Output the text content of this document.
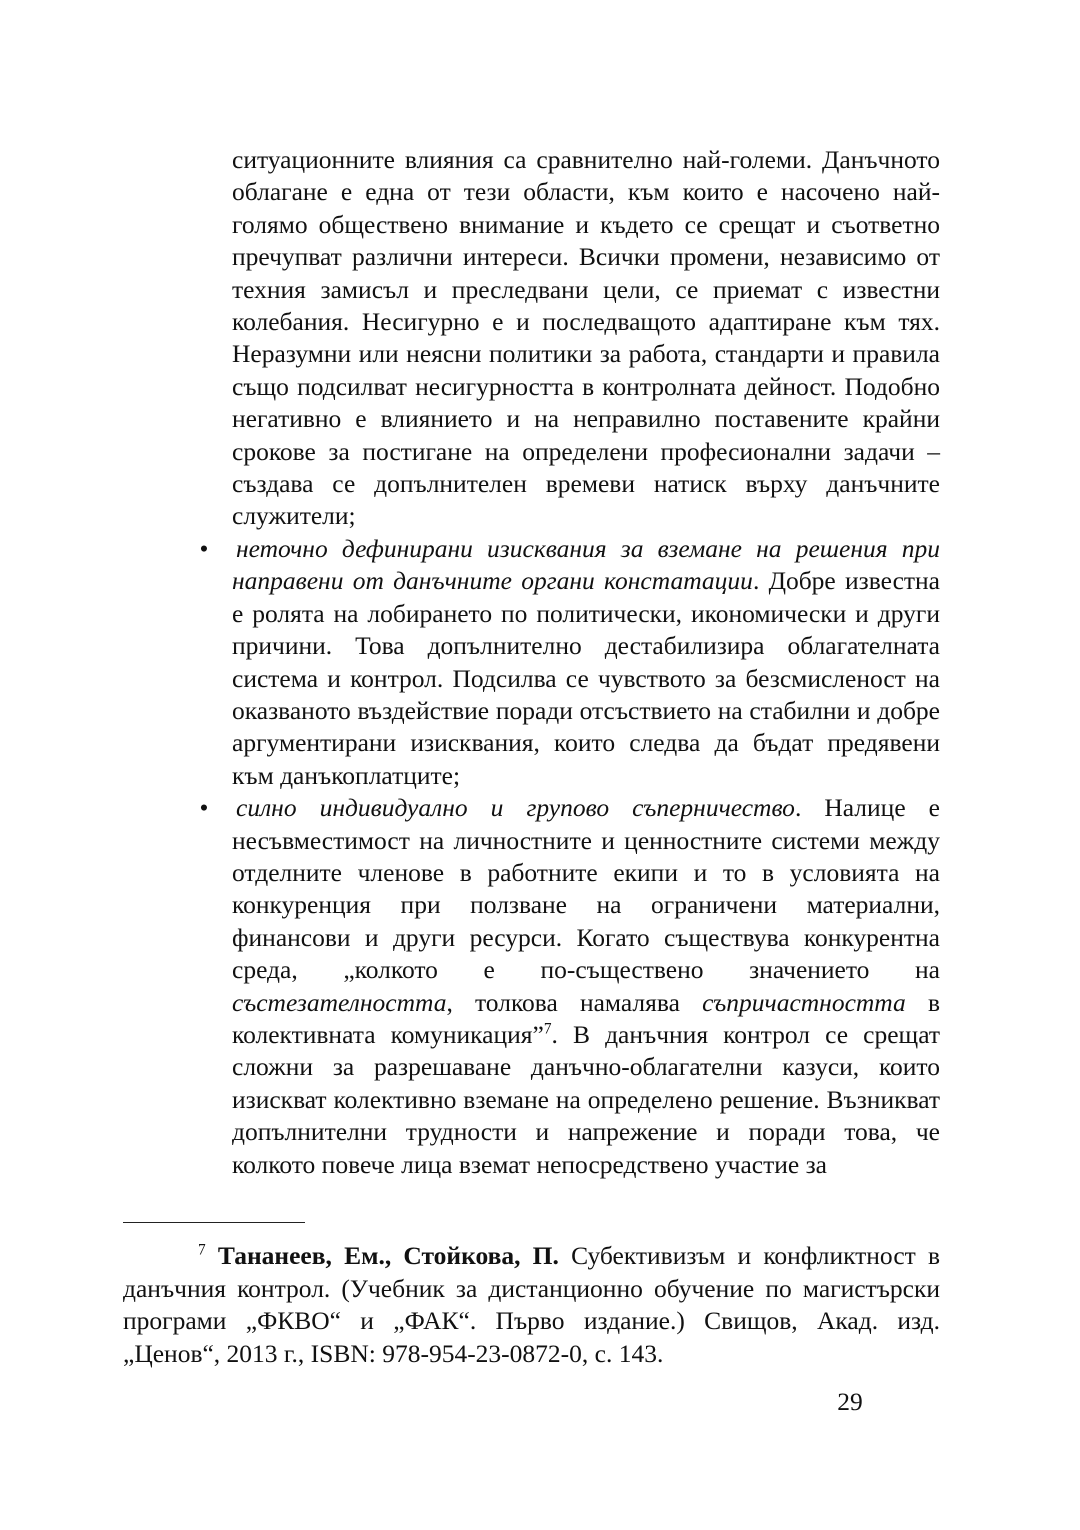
ситуационните влияния са сравнително най-големи. Данъчното облагане е една от тези области, към които е насочено най-голямо обществено внимание и където се срещат и съответно пречупват различни интереси. Всички промени, независимо от техния замисъл и преследвани цели, се приемат с известни колебания. Несигурно е и последващото адаптиране към тях. Неразумни или неясни политики за работа, стандарти и правила също подсилват несигурността в контролната дейност. Подобно негативно е влиянието и на неправилно поставените крайни срокове за постигане на определени професионални задачи – създава се допълнителен времеви натиск върху данъчните служители;

• неточно дефинирани изисквания за вземане на решения при направени от данъчните органи констатации. Добре известна е ролята на лобирането по политически, икономически и други причини. Това допълнително дестабилизира облагателната система и контрол. Подсилва се чувството за безсмисленост на оказваното въздействие поради отсъствието на стабилни и добре аргументирани изисквания, които следва да бъдат предявени към данъкоплатците;

• силно индивидуално и групово съперничество. Налице е несъвместимост на личностните и ценностните системи между отделните членове в работните екипи и то в условията на конкуренция при ползване на ограничени материални, финансови и други ресурси. Когато съществува конкурентна среда, „колкото е по-съществено значението на състезателността, толкова намалява съпричастността в колективната комуникация”$^7$. В данъчния контрол се срещат сложни за разрешаване данъчно-облагателни казуси, които изискват колективно вземане на определено решение. Възникват допълнителни трудности и напрежение и поради това, че колкото повече лица вземат непосредствено участие за

$^7$ Тананеев, Ем., Стойкова, П. Субективизъм и конфликтност в данъчния контрол. (Учебник за дистанционно обучение по магистърски програми „ФКВО“ и „ФАК“. Първо издание.) Свищов, Акад. изд. „Ценов“, 2013 г., ISBN: 978-954-23-0872-0, с. 143.

29
